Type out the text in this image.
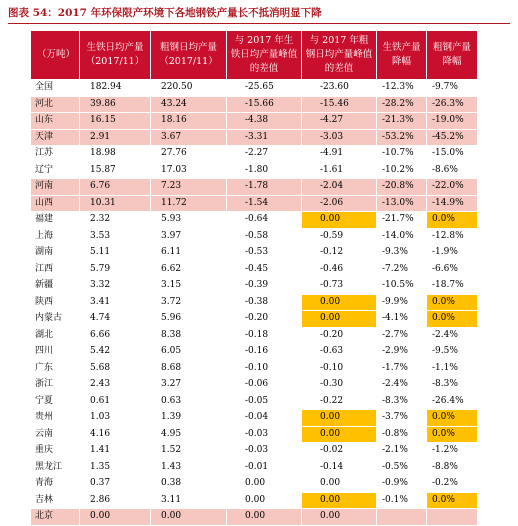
图表 54：2017 年环保限产环境下各地钢铁产量长不抵消明显下降
（万吨）	生铁日均产量（2017/11）	粗钢日均产量（2017/11）	与 2017 年生铁日均产量峰值的差值	与 2017 年粗钢日均产量峰值的差值	生铁产量降幅	粗钢产量降幅
全国	182.94	220.50	-25.65	-23.60	-12.3%	-9.7%
河北	39.86	43.24	-15.66	-15.46	-28.2%	-26.3%
山东	16.15	18.16	-4.38	-4.27	-21.3%	-19.0%
天津	2.91	3.67	-3.31	-3.03	-53.2%	-45.2%
江苏	18.98	27.76	-2.27	-4.91	-10.7%	-15.0%
辽宁	15.87	17.03	-1.80	-1.61	-10.2%	-8.6%
河南	6.76	7.23	-1.78	-2.04	-20.8%	-22.0%
山西	10.31	11.72	-1.54	-2.06	-13.0%	-14.9%
福建	2.32	5.93	-0.64	0.00	-21.7%	0.0%
上海	3.53	3.97	-0.58	-0.59	-14.0%	-12.8%
湖南	5.11	6.11	-0.53	-0.12	-9.3%	-1.9%
江西	5.79	6.62	-0.45	-0.46	-7.2%	-6.6%
新疆	3.32	3.15	-0.39	-0.73	-10.5%	-18.7%
陕西	3.41	3.72	-0.38	0.00	-9.9%	0.0%
内蒙古	4.74	5.96	-0.20	0.00	-4.1%	0.0%
湖北	6.66	8.38	-0.18	-0.20	-2.7%	-2.4%
四川	5.42	6.05	-0.16	-0.63	-2.9%	-9.5%
广东	5.68	8.68	-0.10	-0.10	-1.7%	-1.1%
浙江	2.43	3.27	-0.06	-0.30	-2.4%	-8.3%
宁夏	0.61	0.63	-0.05	-0.22	-8.3%	-26.4%
贵州	1.03	1.39	-0.04	0.00	-3.7%	0.0%
云南	4.16	4.95	-0.03	0.00	-0.8%	0.0%
重庆	1.41	1.52	-0.03	-0.02	-2.1%	-1.2%
黑龙江	1.35	1.43	-0.01	-0.14	-0.5%	-8.8%
青海	0.37	0.38	0.00	0.00	-0.9%	-0.2%
吉林	2.86	3.11	0.00	0.00	-0.1%	0.0%
北京	0.00	0.00	0.00	0.00		
